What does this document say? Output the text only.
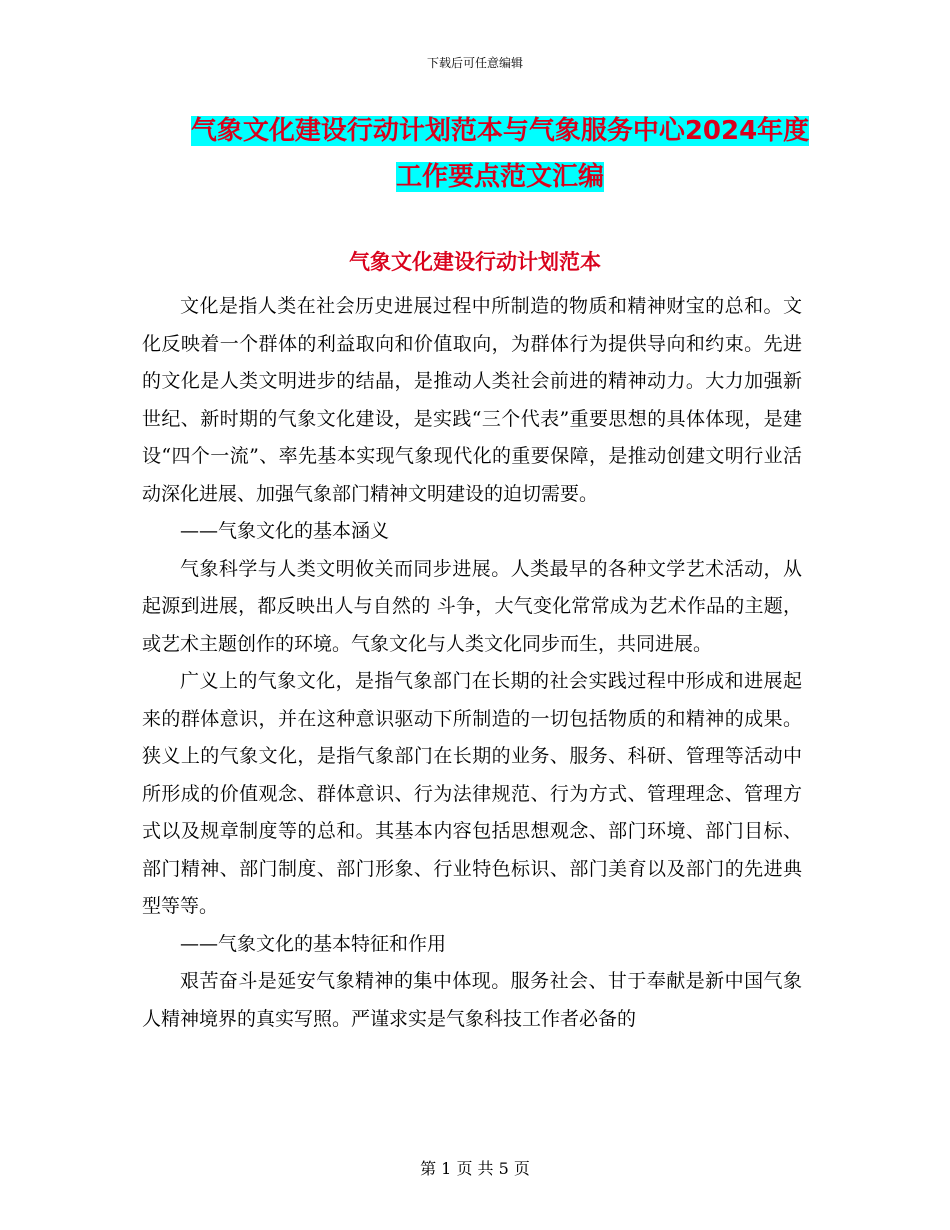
下载后可任意编辑
气象文化建设行动计划范本与气象服务中心2024年度
工作要点范文汇编
气象文化建设行动计划范本

文化是指人类在社会历史进展过程中所制造的物质和精神财宝的总和。文化反映着一个群体的利益取向和价值取向，为群体行为提供导向和约束。先进的文化是人类文明进步的结晶，是推动人类社会前进的精神动力。大力加强新世纪、新时期的气象文化建设，是实践“三个代表”重要思想的具体体现，是建设“四个一流”、率先基本实现气象现代化的重要保障，是推动创建文明行业活动深化进展、加强气象部门精神文明建设的迫切需要。

——气象文化的基本涵义

气象科学与人类文明攸关而同步进展。人类最早的各种文学艺术活动，从起源到进展，都反映出人与自然的 斗争，大气变化常常成为艺术作品的主题，或艺术主题创作的环境。气象文化与人类文化同步而生，共同进展。

广义上的气象文化，是指气象部门在长期的社会实践过程中形成和进展起来的群体意识，并在这种意识驱动下所制造的一切包括物质的和精神的成果。狭义上的气象文化，是指气象部门在长期的业务、服务、科研、管理等活动中所形成的价值观念、群体意识、行为法律规范、行为方式、管理理念、管理方式以及规章制度等的总和。其基本内容包括思想观念、部门环境、部门目标、部门精神、部门制度、部门形象、行业特色标识、部门美育以及部门的先进典型等等。

——气象文化的基本特征和作用

艰苦奋斗是延安气象精神的集中体现。服务社会、甘于奉献是新中国气象人精神境界的真实写照。严谨求实是气象科技工作者必备的

第 1 页 共 5 页
